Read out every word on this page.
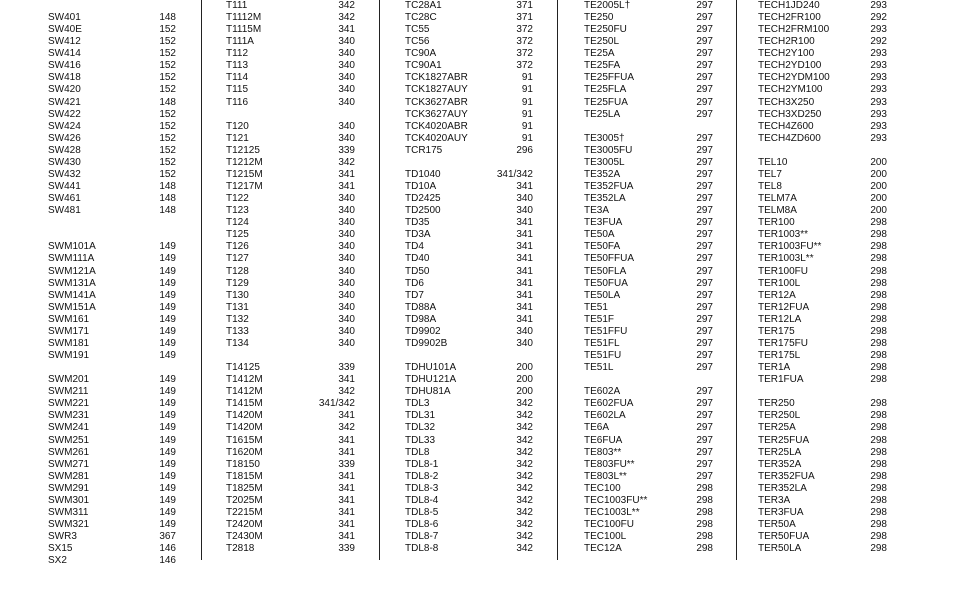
SW401	148
SW40E	152
SW412	152
SW414	152
SW416	152
SW418	152
SW420	152
SW421	148
SW422	152
SW424	152
SW426	152
SW428	152
SW430	152
SW432	152
SW441	148
SW461	148
SW481	148
SWM101A	149
SWM111A	149
SWM121A	149
SWM131A	149
SWM141A	149
SWM151A	149
SWM161	149
SWM171	149
SWM181	149
SWM191	149
SWM201	149
SWM211	149
SWM221	149
SWM231	149
SWM241	149
SWM251	149
SWM261	149
SWM271	149
SWM281	149
SWM291	149
SWM301	149
SWM311	149
SWM321	149
SWR3	367
SX15	146
SX2	146
T111	342
T1112M	342
T1115M	341
T111A	340
T112	340
T113	340
T114	340
T115	340
T116	340
T120	340
T121	340
T12125	339
T1212M	342
T1215M	341
T1217M	341
T122	340
T123	340
T124	340
T125	340
T126	340
T127	340
T128	340
T129	340
T130	340
T131	340
T132	340
T133	340
T134	340
T14125	339
T1412M	341
T1412M	342
T1415M	341/342
T1420M	341
T1420M	342
T1615M	341
T1620M	341
T18150	339
T1815M	341
T1825M	341
T2025M	341
T2215M	341
T2420M	341
T2430M	341
T2818	339
TC28A1	371
TC28C	371
TC55	372
TC56	372
TC90A	372
TC90A1	372
TCK1827ABR	91
TCK1827AUY	91
TCK3627ABR	91
TCK3627AUY	91
TCK4020ABR	91
TCK4020AUY	91
TCR175	296
TD1040	341/342
TD10A	341
TD2425	340
TD2500	340
TD35	341
TD3A	341
TD4	341
TD40	341
TD50	341
TD6	341
TD7	341
TD88A	341
TD98A	341
TD9902	340
TD9902B	340
TDHU101A	200
TDHU121A	200
TDHU81A	200
TDL3	342
TDL31	342
TDL32	342
TDL33	342
TDL8	342
TDL8-1	342
TDL8-2	342
TDL8-3	342
TDL8-4	342
TDL8-5	342
TDL8-6	342
TDL8-7	342
TDL8-8	342
TE2005L†	297
TE250	297
TE250FU	297
TE250L	297
TE25A	297
TE25FA	297
TE25FFUA	297
TE25FLA	297
TE25FUA	297
TE25LA	297
TE3005†	297
TE3005FU	297
TE3005L	297
TE352A	297
TE352FUA	297
TE352LA	297
TE3A	297
TE3FUA	297
TE50A	297
TE50FA	297
TE50FFUA	297
TE50FLA	297
TE50FUA	297
TE50LA	297
TE51	297
TE51F	297
TE51FFU	297
TE51FL	297
TE51FU	297
TE51L	297
TE602A	297
TE602FUA	297
TE602LA	297
TE6A	297
TE6FUA	297
TE803**	297
TE803FU**	297
TE803L**	297
TEC100	298
TEC1003FU**	298
TEC1003L**	298
TEC100FU	298
TEC100L	298
TEC12A	298
TECH1JD240	293
TECH2FR100	292
TECH2FRM100	293
TECH2R100	292
TECH2Y100	293
TECH2YD100	293
TECH2YDM100	293
TECH2YM100	293
TECH3X250	293
TECH3XD250	293
TECH4Z600	293
TECH4ZD600	293
TEL10	200
TEL7	200
TEL8	200
TELM7A	200
TELM8A	200
TER100	298
TER1003**	298
TER1003FU**	298
TER1003L**	298
TER100FU	298
TER100L	298
TER12A	298
TER12FUA	298
TER12LA	298
TER175	298
TER175FU	298
TER175L	298
TER1A	298
TER1FUA	298
TER250	298
TER250L	298
TER25A	298
TER25FUA	298
TER25LA	298
TER352A	298
TER352FUA	298
TER352LA	298
TER3A	298
TER3FUA	298
TER50A	298
TER50FUA	298
TER50LA	298
